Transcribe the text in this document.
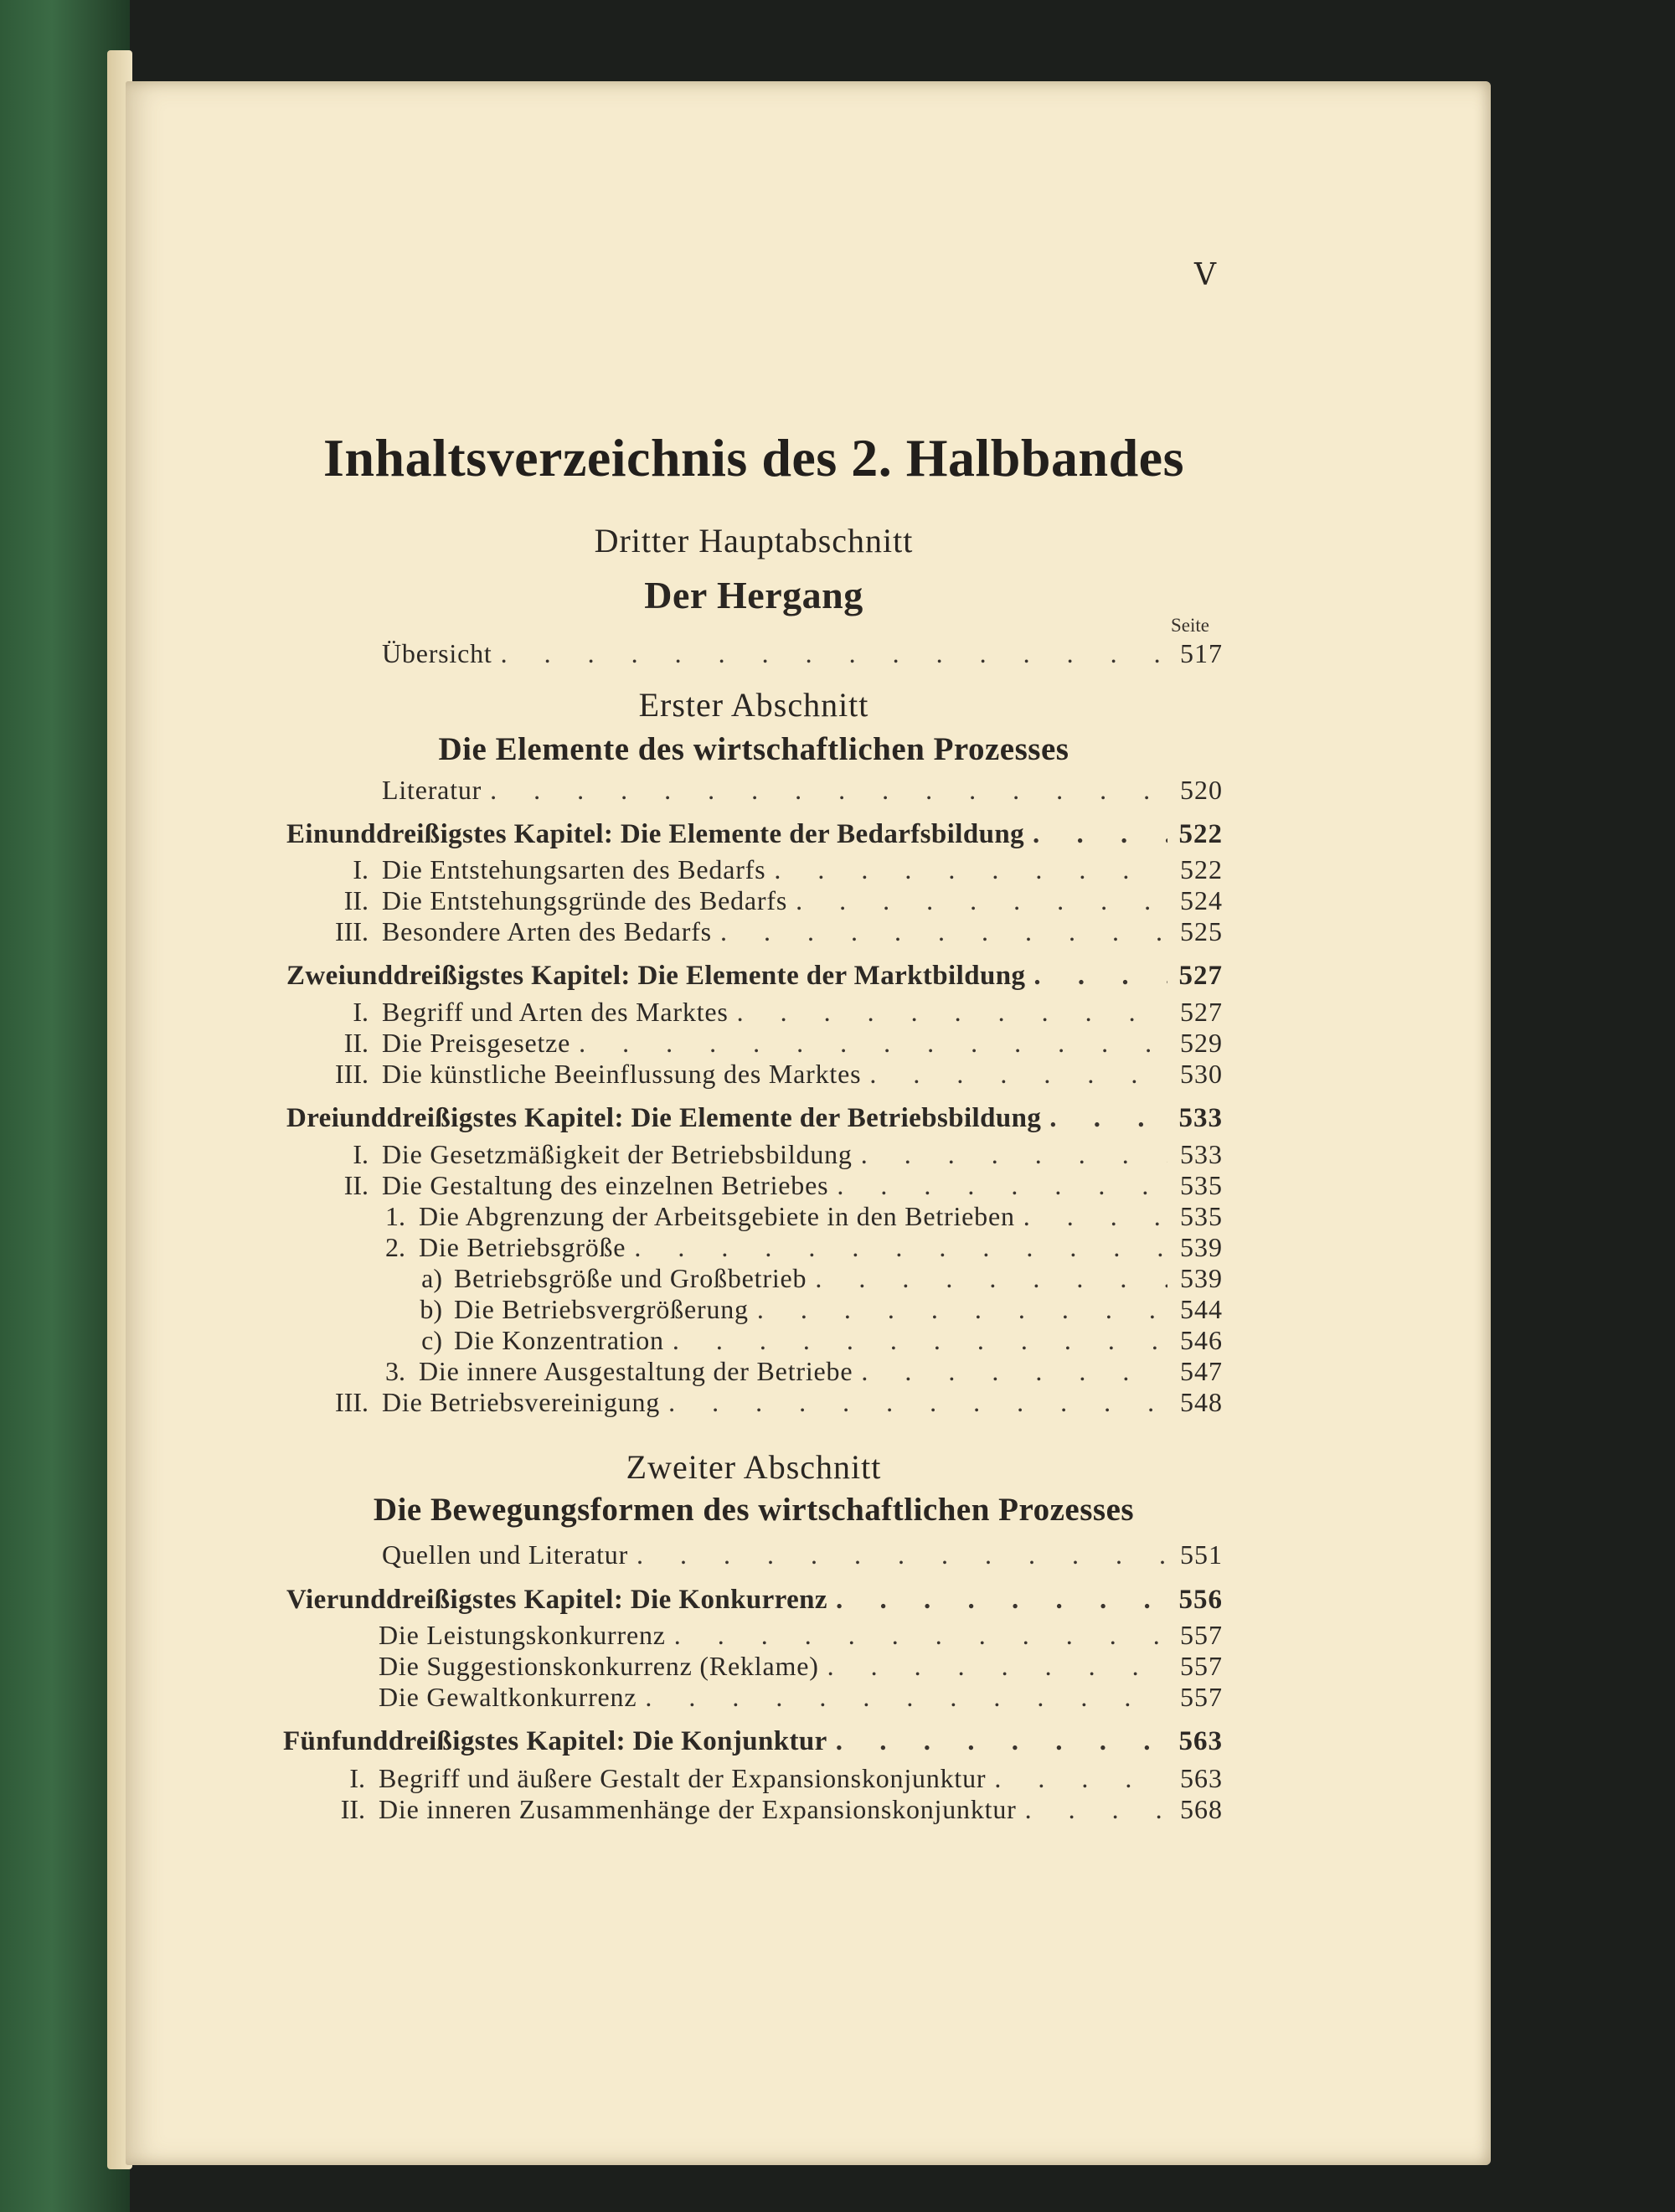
V
Inhaltsverzeichnis des 2. Halbbandes
Dritter Hauptabschnitt
Der Hergang
Seite
Übersicht . . .	517
Erster Abschnitt
Die Elemente des wirtschaftlichen Prozesses
Literatur . . .	520
Einunddreißigstes Kapitel: Die Elemente der Bedarfsbildung . . .	522
I. Die Entstehungsarten des Bedarfs . . .	522
II. Die Entstehungsgründe des Bedarfs . . .	524
III. Besondere Arten des Bedarfs . . .	525
Zweiunddreißigstes Kapitel: Die Elemente der Marktbildung . . .	527
I. Begriff und Arten des Marktes . . .	527
II. Die Preisgesetze . . .	529
III. Die künstliche Beeinflussung des Marktes . . .	530
Dreiunddreißigstes Kapitel: Die Elemente der Betriebsbildung . . .	533
I. Die Gesetzmäßigkeit der Betriebsbildung . . .	533
II. Die Gestaltung des einzelnen Betriebes . . .	535
1. Die Abgrenzung der Arbeitsgebiete in den Betrieben . . .	535
2. Die Betriebsgröße . . .	539
a) Betriebsgröße und Großbetrieb . . .	539
b) Die Betriebsvergrößerung . . .	544
c) Die Konzentration . . .	546
3. Die innere Ausgestaltung der Betriebe . . .	547
III. Die Betriebsvereinigung . . .	548
Zweiter Abschnitt
Die Bewegungsformen des wirtschaftlichen Prozesses
Quellen und Literatur . . .	551
Vierunddreißigstes Kapitel: Die Konkurrenz . . .	556
Die Leistungskonkurrenz . . .	557
Die Suggestionskonkurrenz (Reklame) . . .	557
Die Gewaltkonkurrenz . . .	557
Fünfunddreißigstes Kapitel: Die Konjunktur . . .	563
I. Begriff und äußere Gestalt der Expansionskonjunktur . . .	563
II. Die inneren Zusammenhänge der Expansionskonjunktur . . .	568
